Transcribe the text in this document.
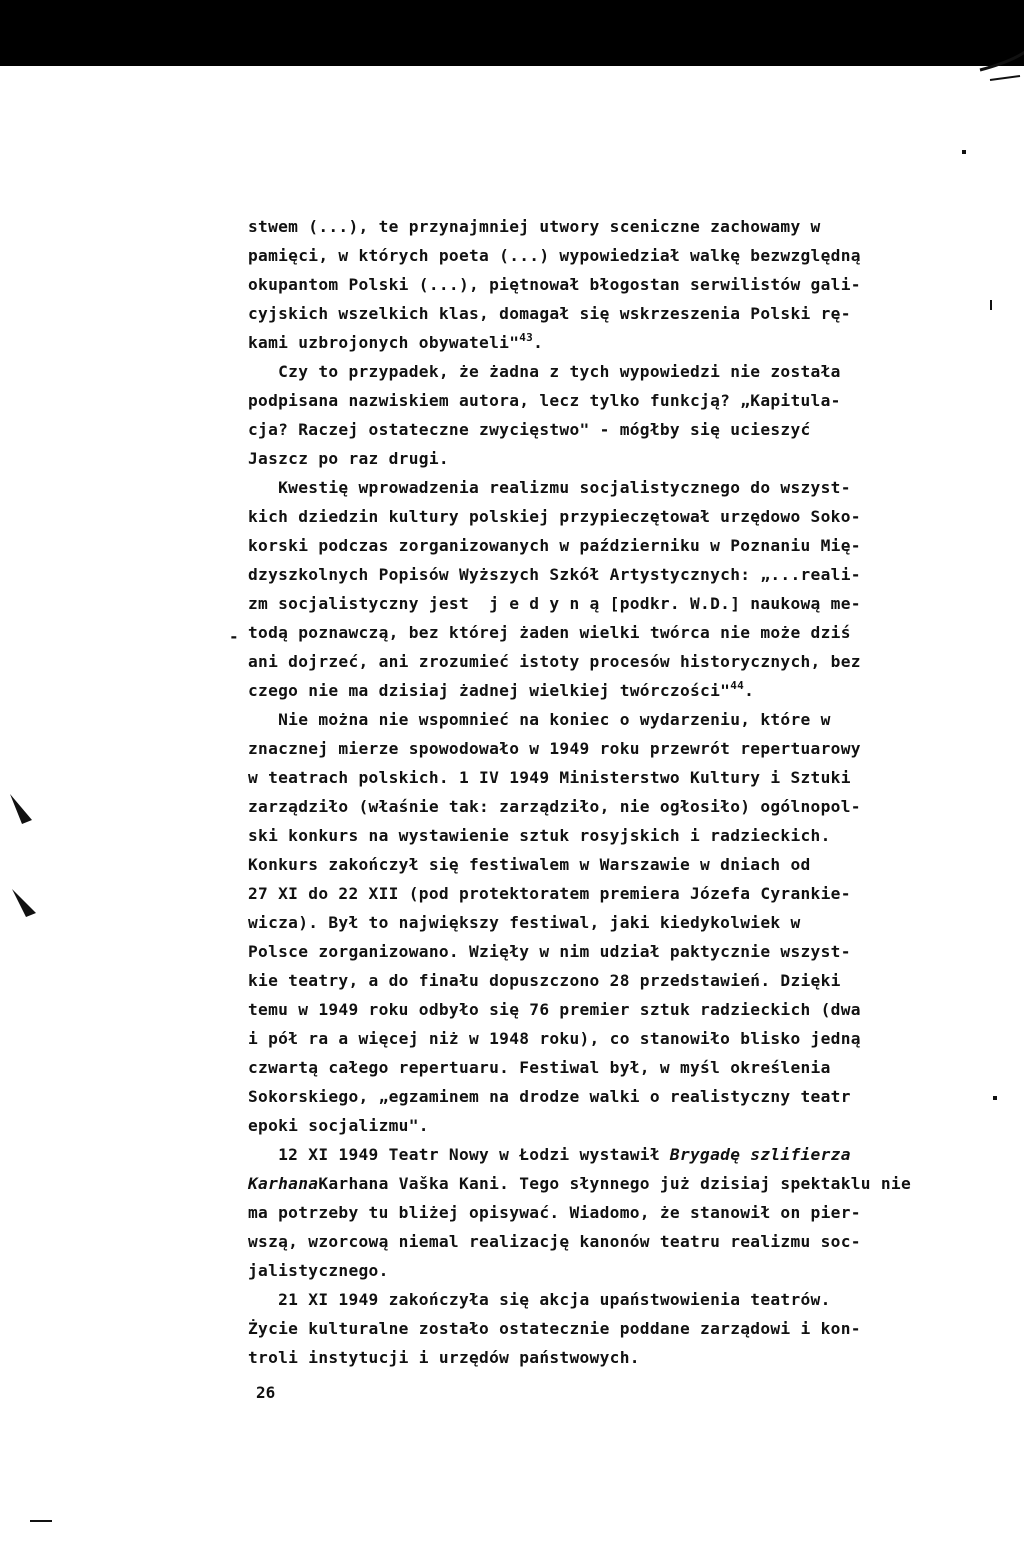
-
stwem (...), te przynajmniej utwory sceniczne zachowamy w
pamięci, w których poeta (...) wypowiedział walkę bezwzględną
okupantom Polski (...), piętnował błogostan serwilistów gali-
cyjskich wszelkich klas, domagał się wskrzeszenia Polski rę-
kami uzbrojonych obywateli"$^{43}$.
Czy to przypadek, że żadna z tych wypowiedzi nie została
podpisana nazwiskiem autora, lecz tylko funkcją? „Kapitula-
cja? Raczej ostateczne zwycięstwo" - mógłby się ucieszyć
Jaszcz po raz drugi.
Kwestię wprowadzenia realizmu socjalistycznego do wszyst-
kich dziedzin kultury polskiej przypieczętował urzędowo Soko-
korski podczas zorganizowanych w październiku w Poznaniu Mię-
dzyszkolnych Popisów Wyższych Szkół Artystycznych: „...reali-
zm socjalistyczny jest  j e d y n ą [podkr. W.D.] naukową me-
todą poznawczą, bez której żaden wielki twórca nie może dziś
ani dojrzeć, ani zrozumieć istoty procesów historycznych, bez
czego nie ma dzisiaj żadnej wielkiej twórczości"$^{44}$.
Nie można nie wspomnieć na koniec o wydarzeniu, które w
znacznej mierze spowodowało w 1949 roku przewrót repertuarowy
w teatrach polskich. 1 IV 1949 Ministerstwo Kultury i Sztuki
zarządziło (właśnie tak: zarządziło, nie ogłosiło) ogólnopol-
ski konkurs na wystawienie sztuk rosyjskich i radzieckich.
Konkurs zakończył się festiwalem w Warszawie w dniach od
27 XI do 22 XII (pod protektoratem premiera Józefa Cyrankie-
wicza). Był to największy festiwal, jaki kiedykolwiek w
Polsce zorganizowano. Wzięły w nim udział paktycznie wszyst-
kie teatry, a do finału dopuszczono 28 przedstawień. Dzięki
temu w 1949 roku odbyło się 76 premier sztuk radzieckich (dwa
i pół ra a więcej niż w 1948 roku), co stanowiło blisko jedną
czwartą całego repertuaru. Festiwal był, w myśl określenia
Sokorskiego, „egzaminem na drodze walki o realistyczny teatr
epoki socjalizmu".
12 XI 1949 Teatr Nowy w Łodzi wystawił Brygadę szlifierza
KarhanaKarhana Vaška Kani. Tego słynnego już dzisiaj spektaklu nie
ma potrzeby tu bliżej opisywać. Wiadomo, że stanowił on pier-
wszą, wzorcową niemal realizację kanonów teatru realizmu soc-
jalistycznego.
21 XI 1949 zakończyła się akcja upaństwowienia teatrów.
Życie kulturalne zostało ostatecznie poddane zarządowi i kon-
troli instytucji i urzędów państwowych.
26
